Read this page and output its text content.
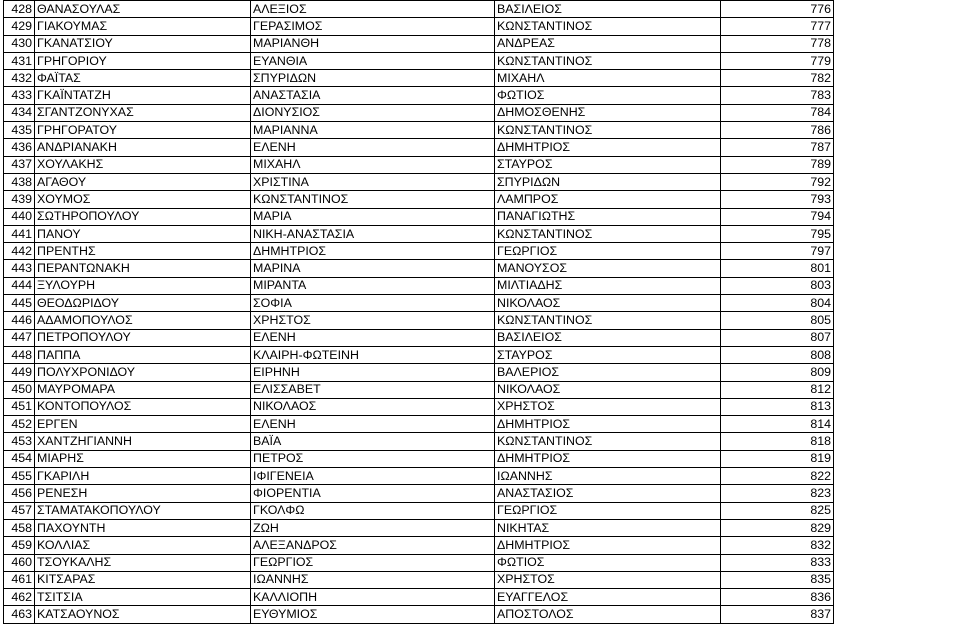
428	ΘΑΝΑΣΟΥΛΑΣ	ΑΛΕΞΙΟΣ	ΒΑΣΙΛΕΙΟΣ	776
429	ΓΙΑΚΟΥΜΑΣ	ΓΕΡΑΣΙΜΟΣ	ΚΩΝΣΤΑΝΤΙΝΟΣ	777
430	ΓΚΑΝΑΤΣΙΟΥ	ΜΑΡΙΑΝΘΗ	ΑΝΔΡΕΑΣ	778
431	ΓΡΗΓΟΡΙΟΥ	ΕΥΑΝΘΙΑ	ΚΩΝΣΤΑΝΤΙΝΟΣ	779
432	ΦΑΪΤΑΣ	ΣΠΥΡΙΔΩΝ	ΜΙΧΑΗΛ	782
433	ΓΚΑΪΝΤΑΤΖΗ	ΑΝΑΣΤΑΣΙΑ	ΦΩΤΙΟΣ	783
434	ΣΓΑΝΤΖΟΝΥΧΑΣ	ΔΙΟΝΥΣΙΟΣ	ΔΗΜΟΣΘΕΝΗΣ	784
435	ΓΡΗΓΟΡΑΤΟΥ	ΜΑΡΙΑΝΝΑ	ΚΩΝΣΤΑΝΤΙΝΟΣ	786
436	ΑΝΔΡΙΑΝΑΚΗ	ΕΛΕΝΗ	ΔΗΜΗΤΡΙΟΣ	787
437	ΧΟΥΛΑΚΗΣ	ΜΙΧΑΗΛ	ΣΤΑΥΡΟΣ	789
438	ΑΓΑΘΟΥ	ΧΡΙΣΤΙΝΑ	ΣΠΥΡΙΔΩΝ	792
439	ΧΟΥΜΟΣ	ΚΩΝΣΤΑΝΤΙΝΟΣ	ΛΑΜΠΡΟΣ	793
440	ΣΩΤΗΡΟΠΟΥΛΟΥ	ΜΑΡΙΑ	ΠΑΝΑΓΙΩΤΗΣ	794
441	ΠΑΝΟΥ	ΝΙΚΗ-ΑΝΑΣΤΑΣΙΑ	ΚΩΝΣΤΑΝΤΙΝΟΣ	795
442	ΠΡΕΝΤΗΣ	ΔΗΜΗΤΡΙΟΣ	ΓΕΩΡΓΙΟΣ	797
443	ΠΕΡΑΝΤΩΝΑΚΗ	ΜΑΡΙΝΑ	ΜΑΝΟΥΣΟΣ	801
444	ΞΥΛΟΥΡΗ	ΜΙΡΑΝΤΑ	ΜΙΛΤΙΑΔΗΣ	803
445	ΘΕΟΔΩΡΙΔΟΥ	ΣΟΦΙΑ	ΝΙΚΟΛΑΟΣ	804
446	ΑΔΑΜΟΠΟΥΛΟΣ	ΧΡΗΣΤΟΣ	ΚΩΝΣΤΑΝΤΙΝΟΣ	805
447	ΠΕΤΡΟΠΟΥΛΟΥ	ΕΛΕΝΗ	ΒΑΣΙΛΕΙΟΣ	807
448	ΠΑΠΠΑ	ΚΛΑΙΡΗ-ΦΩΤΕΙΝΗ	ΣΤΑΥΡΟΣ	808
449	ΠΟΛΥΧΡΟΝΙΔΟΥ	ΕΙΡΗΝΗ	ΒΑΛΕΡΙΟΣ	809
450	ΜΑΥΡΟΜΑΡΑ	ΕΛΙΣΣΑΒΕΤ	ΝΙΚΟΛΑΟΣ	812
451	ΚΟΝΤΟΠΟΥΛΟΣ	ΝΙΚΟΛΑΟΣ	ΧΡΗΣΤΟΣ	813
452	ΕΡΓΕΝ	ΕΛΕΝΗ	ΔΗΜΗΤΡΙΟΣ	814
453	ΧΑΝΤΖΗΓΙΑΝΝΗ	ΒΑΪΑ	ΚΩΝΣΤΑΝΤΙΝΟΣ	818
454	ΜΙΑΡΗΣ	ΠΕΤΡΟΣ	ΔΗΜΗΤΡΙΟΣ	819
455	ΓΚΑΡΙΛΗ	ΙΦΙΓΕΝΕΙΑ	ΙΩΑΝΝΗΣ	822
456	ΡΕΝΕΣΗ	ΦΙΟΡΕΝΤΙΑ	ΑΝΑΣΤΑΣΙΟΣ	823
457	ΣΤΑΜΑΤΑΚΟΠΟΥΛΟΥ	ΓΚΟΛΦΩ	ΓΕΩΡΓΙΟΣ	825
458	ΠΑΧΟΥΝΤΗ	ΖΩΗ	ΝΙΚΗΤΑΣ	829
459	ΚΟΛΛΙΑΣ	ΑΛΕΞΑΝΔΡΟΣ	ΔΗΜΗΤΡΙΟΣ	832
460	ΤΣΟΥΚΑΛΗΣ	ΓΕΩΡΓΙΟΣ	ΦΩΤΙΟΣ	833
461	ΚΙΤΣΑΡΑΣ	ΙΩΑΝΝΗΣ	ΧΡΗΣΤΟΣ	835
462	ΤΣΙΤΣΙΑ	ΚΑΛΛΙΟΠΗ	ΕΥΑΓΓΕΛΟΣ	836
463	ΚΑΤΣΑΟΥΝΟΣ	ΕΥΘΥΜΙΟΣ	ΑΠΟΣΤΟΛΟΣ	837
